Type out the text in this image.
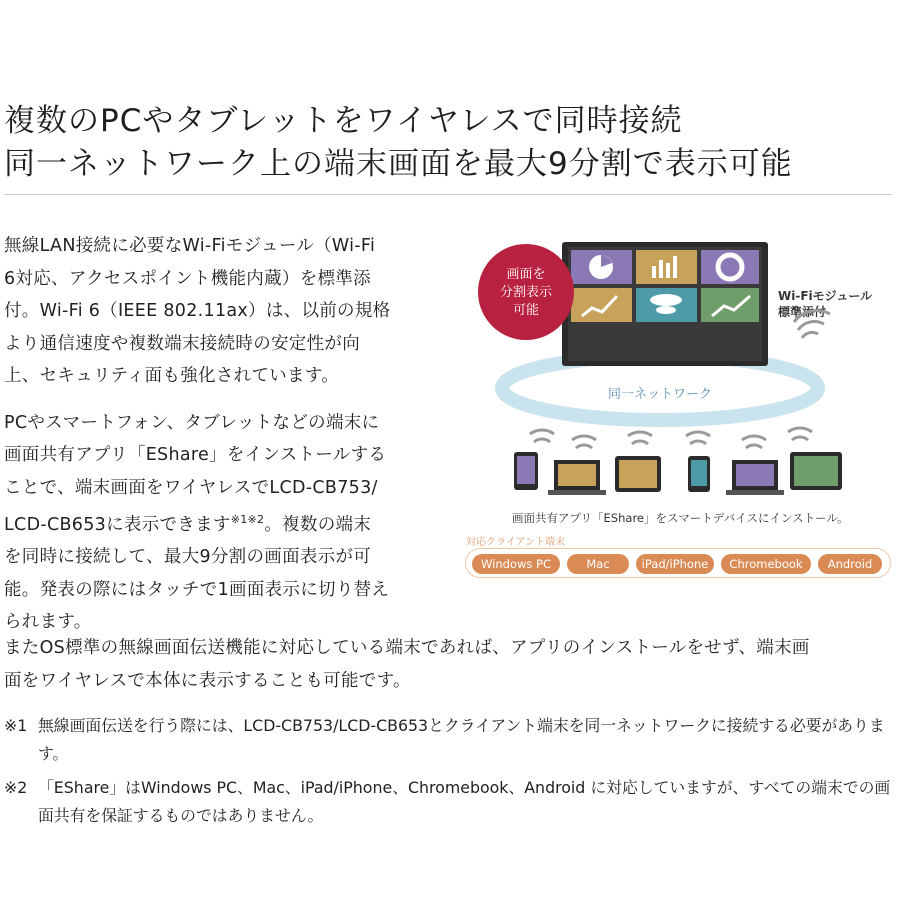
複数のPCやタブレットをワイヤレスで同時接続
同一ネットワーク上の端末画面を最大9分割で表示可能

無線LAN接続に必要なWi-Fiモジュール（Wi-Fi
6対応、アクセスポイント機能内蔵）を標準添
付。Wi-Fi 6（IEEE 802.11ax）は、以前の規格
より通信速度や複数端末接続時の安定性が向
上、セキュリティ面も強化されています。

PCやスマートフォン、タブレットなどの端末に
画面共有アプリ「EShare」をインストールする
ことで、端末画面をワイヤレスでLCD-CB753/
LCD-CB653に表示できます$^{※1※2}$。複数の端末
を同時に接続して、最大9分割の画面表示が可
能。発表の際にはタッチで1画面表示に切り替え
られます。

またOS標準の無線画面伝送機能に対応している端末であれば、アプリのインストールをせず、端末画
面をワイヤレスで本体に表示することも可能です。
※1 無線画面伝送を行う際には、LCD-CB753/LCD-CB653とクライアント端末を同一ネットワークに接続する必要があります。
※2 「EShare」はWindows PC、Mac、iPad/iPhone、Chromebook、Android に対応していますが、すべての端末での画面共有を保証するものではありません。
画面を
分割表示
可能
Wi-Fiモジュール
標準添付
同一ネットワーク
画面共有アプリ「EShare」をスマートデバイスにインストール。
対応クライアント端末
Windows PC	Mac	iPad/iPhone	Chromebook	Android
